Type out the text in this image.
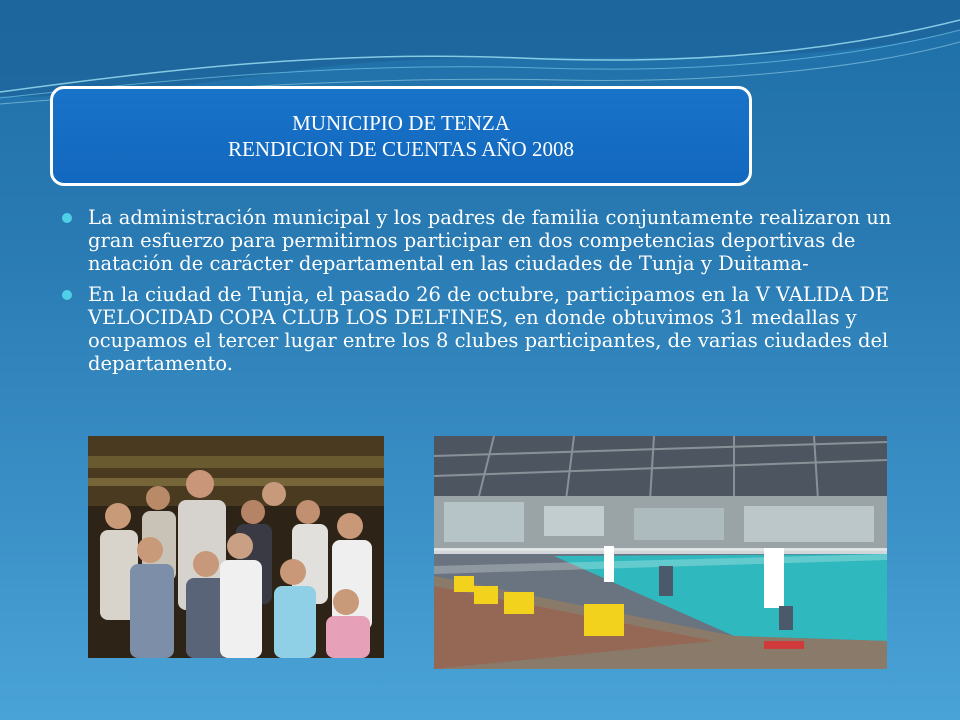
MUNICIPIO DE TENZA
RENDICION DE CUENTAS AÑO 2008
La administración municipal y los padres de familia conjuntamente realizaron un gran esfuerzo para permitirnos participar en dos competencias deportivas de natación de carácter departamental en las ciudades de Tunja y Duitama-
En la ciudad de Tunja, el pasado 26 de octubre, participamos en la V VALIDA DE VELOCIDAD COPA CLUB LOS DELFINES, en donde obtuvimos 31 medallas y ocupamos el tercer lugar entre los 8 clubes participantes, de varias ciudades del departamento.
